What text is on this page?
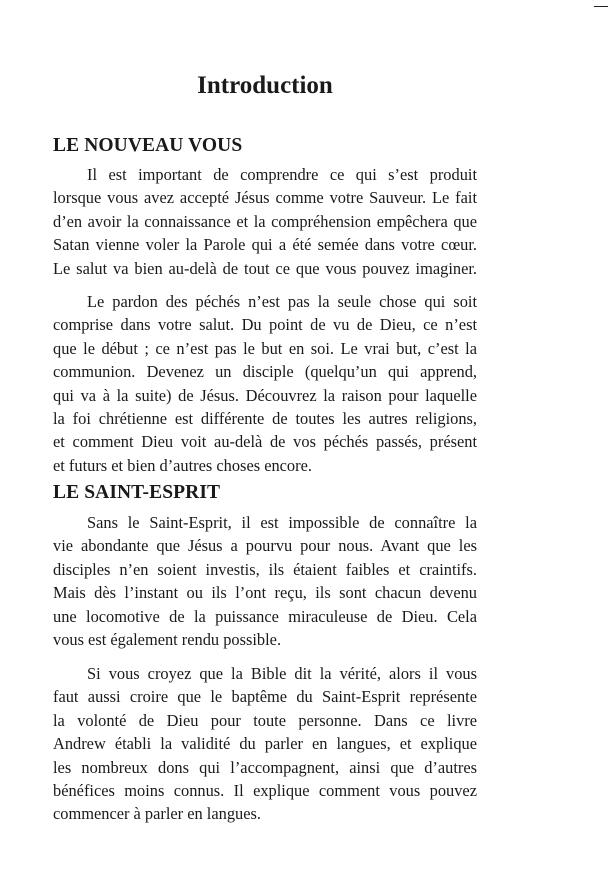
Introduction
LE NOUVEAU VOUS

Il est important de comprendre ce qui s’est produit
lorsque vous avez accepté Jésus comme votre Sauveur. Le fait
d’en avoir la connaissance et la compréhension empêchera que
Satan vienne voler la Parole qui a été semée dans votre cœur.
Le salut va bien au-delà de tout ce que vous pouvez imaginer.

Le pardon des péchés n’est pas la seule chose qui soit
comprise dans votre salut. Du point de vu de Dieu, ce n’est
que le début ; ce n’est pas le but en soi. Le vrai but, c’est la
communion. Devenez un disciple (quelqu’un qui apprend,
qui va à la suite) de Jésus. Découvrez la raison pour laquelle
la foi chrétienne est différente de toutes les autres religions,
et comment Dieu voit au-delà de vos péchés passés, présent
et futurs et bien d’autres choses encore.

LE SAINT-ESPRIT

Sans le Saint-Esprit, il est impossible de connaître la
vie abondante que Jésus a pourvu pour nous. Avant que les
disciples n’en soient investis, ils étaient faibles et craintifs.
Mais dès l’instant ou ils l’ont reçu, ils sont chacun devenu
une locomotive de la puissance miraculeuse de Dieu. Cela
vous est également rendu possible.

Si vous croyez que la Bible dit la vérité, alors il vous
faut aussi croire que le baptême du Saint-Esprit représente
la volonté de Dieu pour toute personne. Dans ce livre
Andrew établi la validité du parler en langues, et explique
les nombreux dons qui l’accompagnent, ainsi que d’autres
bénéfices moins connus. Il explique comment vous pouvez
commencer à parler en langues.
